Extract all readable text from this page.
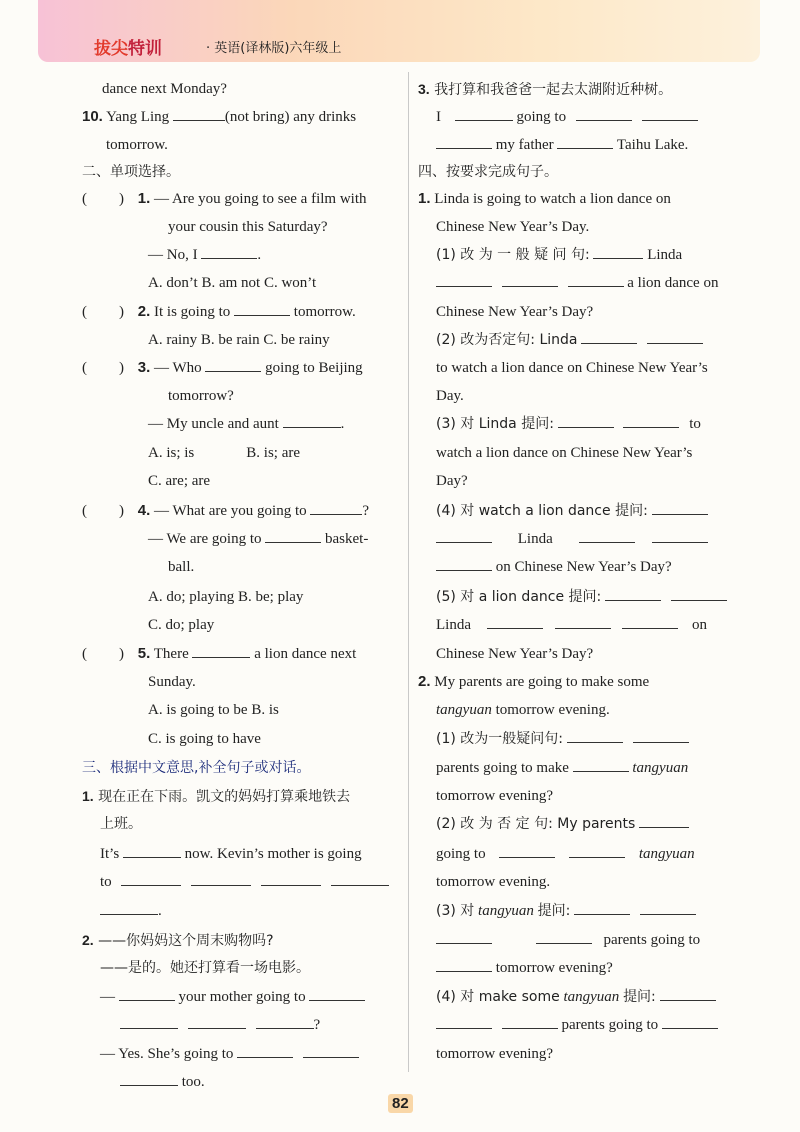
拔尖特训	· 英语(译林版)六年级上
dance next Monday?
10. Yang Ling	(not bring) any drinks
tomorrow.
二、单项选择。
( ) 1. — Are you going to see a film with
your cousin this Saturday?
— No, I	.
A. don’t B. am not C. won’t
( ) 2. It is going to	tomorrow.
A. rainy B. be rain C. be rainy
( ) 3. — Who	going to Beijing
tomorrow?
— My uncle and aunt	.
A. is; is	B. is; are
C. are; are
( ) 4. — What are you going to	?
— We are going to	basket-
ball.
A. do; playing B. be; play
C. do; play
( ) 5. There	a lion dance next
Sunday.
A. is going to be B. is
C. is going to have
三、根据中文意思,补全句子或对话。
1. 现在正在下雨。凯文的妈妈打算乘地铁去
上班。
It’s	now. Kevin’s mother is going
to
.
2. ——你妈妈这个周末购物吗?
——是的。她还打算看一场电影。
—	your mother going to
?
— Yes. She’s going to
too.
3. 我打算和我爸爸一起去太湖附近种树。
I	going to
my father	Taihu Lake.
四、按要求完成句子。
1. Linda is going to watch a lion dance on
Chinese New Year’s Day.
(1) 改 为 一 般 疑 问 句:	Linda
a lion dance on
Chinese New Year’s Day?
(2) 改为否定句: Linda
to watch a lion dance on Chinese New Year’s
Day.
(3) 对 Linda 提问:	to
watch a lion dance on Chinese New Year’s
Day?
(4) 对 watch a lion dance 提问:
Linda
on Chinese New Year’s Day?
(5) 对 a lion dance 提问:
Linda	on
Chinese New Year’s Day?
2. My parents are going to make some
tangyuan tomorrow evening.
(1) 改为一般疑问句:
parents going to make	tangyuan
tomorrow evening?
(2) 改 为 否 定 句: My parents
going to	tangyuan
tomorrow evening.
(3) 对 tangyuan 提问:
parents going to
tomorrow evening?
(4) 对 make some tangyuan 提问:
parents going to
tomorrow evening?
82
